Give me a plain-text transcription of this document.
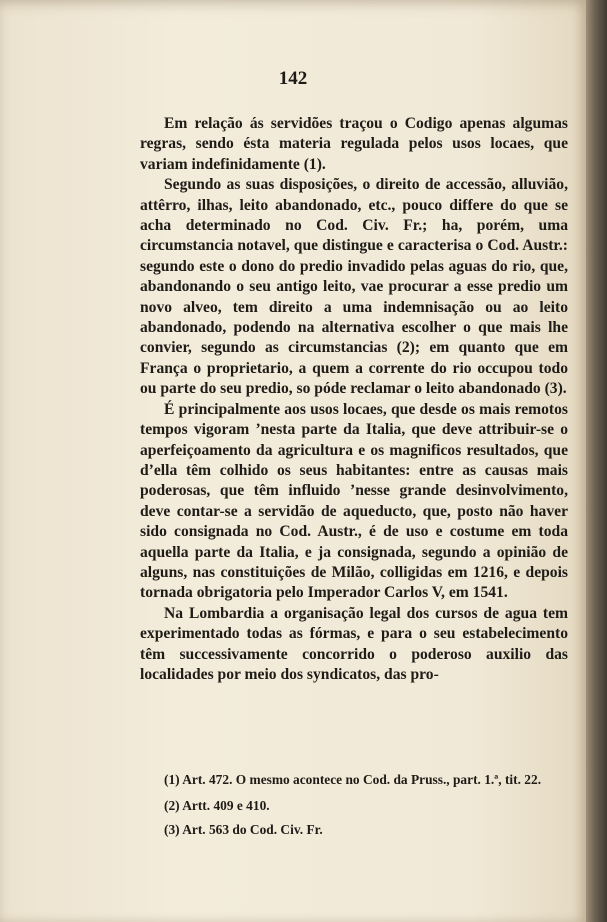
142

Em relação ás servidões traçou o Codigo apenas algumas regras, sendo ésta materia regulada pelos usos locaes, que variam indefinidamente (1).

Segundo as suas disposições, o direito de accessão, alluvião, attêrro, ilhas, leito abandonado, etc., pouco differe do que se acha determinado no Cod. Civ. Fr.; ha, porém, uma circumstancia notavel, que distingue e caracterisa o Cod. Austr.: segundo este o dono do predio invadido pelas aguas do rio, que, abandonando o seu antigo leito, vae procurar a esse predio um novo alveo, tem direito a uma indemnisação ou ao leito abandonado, podendo na alternativa escolher o que mais lhe convier, segundo as circumstancias (2); em quanto que em França o proprietario, a quem a corrente do rio occupou todo ou parte do seu predio, so póde reclamar o leito abandonado (3).

É principalmente aos usos locaes, que desde os mais remotos tempos vigoram ’nesta parte da Italia, que deve attribuir-se o aperfeiçoamento da agricultura e os magnificos resultados, que d’ella têm colhido os seus habitantes: entre as causas mais poderosas, que têm influido ’nesse grande desinvolvimento, deve contar-se a servidão de aqueducto, que, posto não haver sido consignada no Cod. Austr., é de uso e costume em toda aquella parte da Italia, e ja consignada, segundo a opinião de alguns, nas constituições de Milão, colligidas em 1216, e depois tornada obrigatoria pelo Imperador Carlos V, em 1541.

Na Lombardia a organisação legal dos cursos de agua tem experimentado todas as fórmas, e para o seu estabelecimento têm successivamente concorrido o poderoso auxilio das localidades por meio dos syndicatos, das pro-

(1) Art. 472. O mesmo acontece no Cod. da Pruss., part. 1.ª, tit. 22.

(2) Artt. 409 e 410.

(3) Art. 563 do Cod. Civ. Fr.
